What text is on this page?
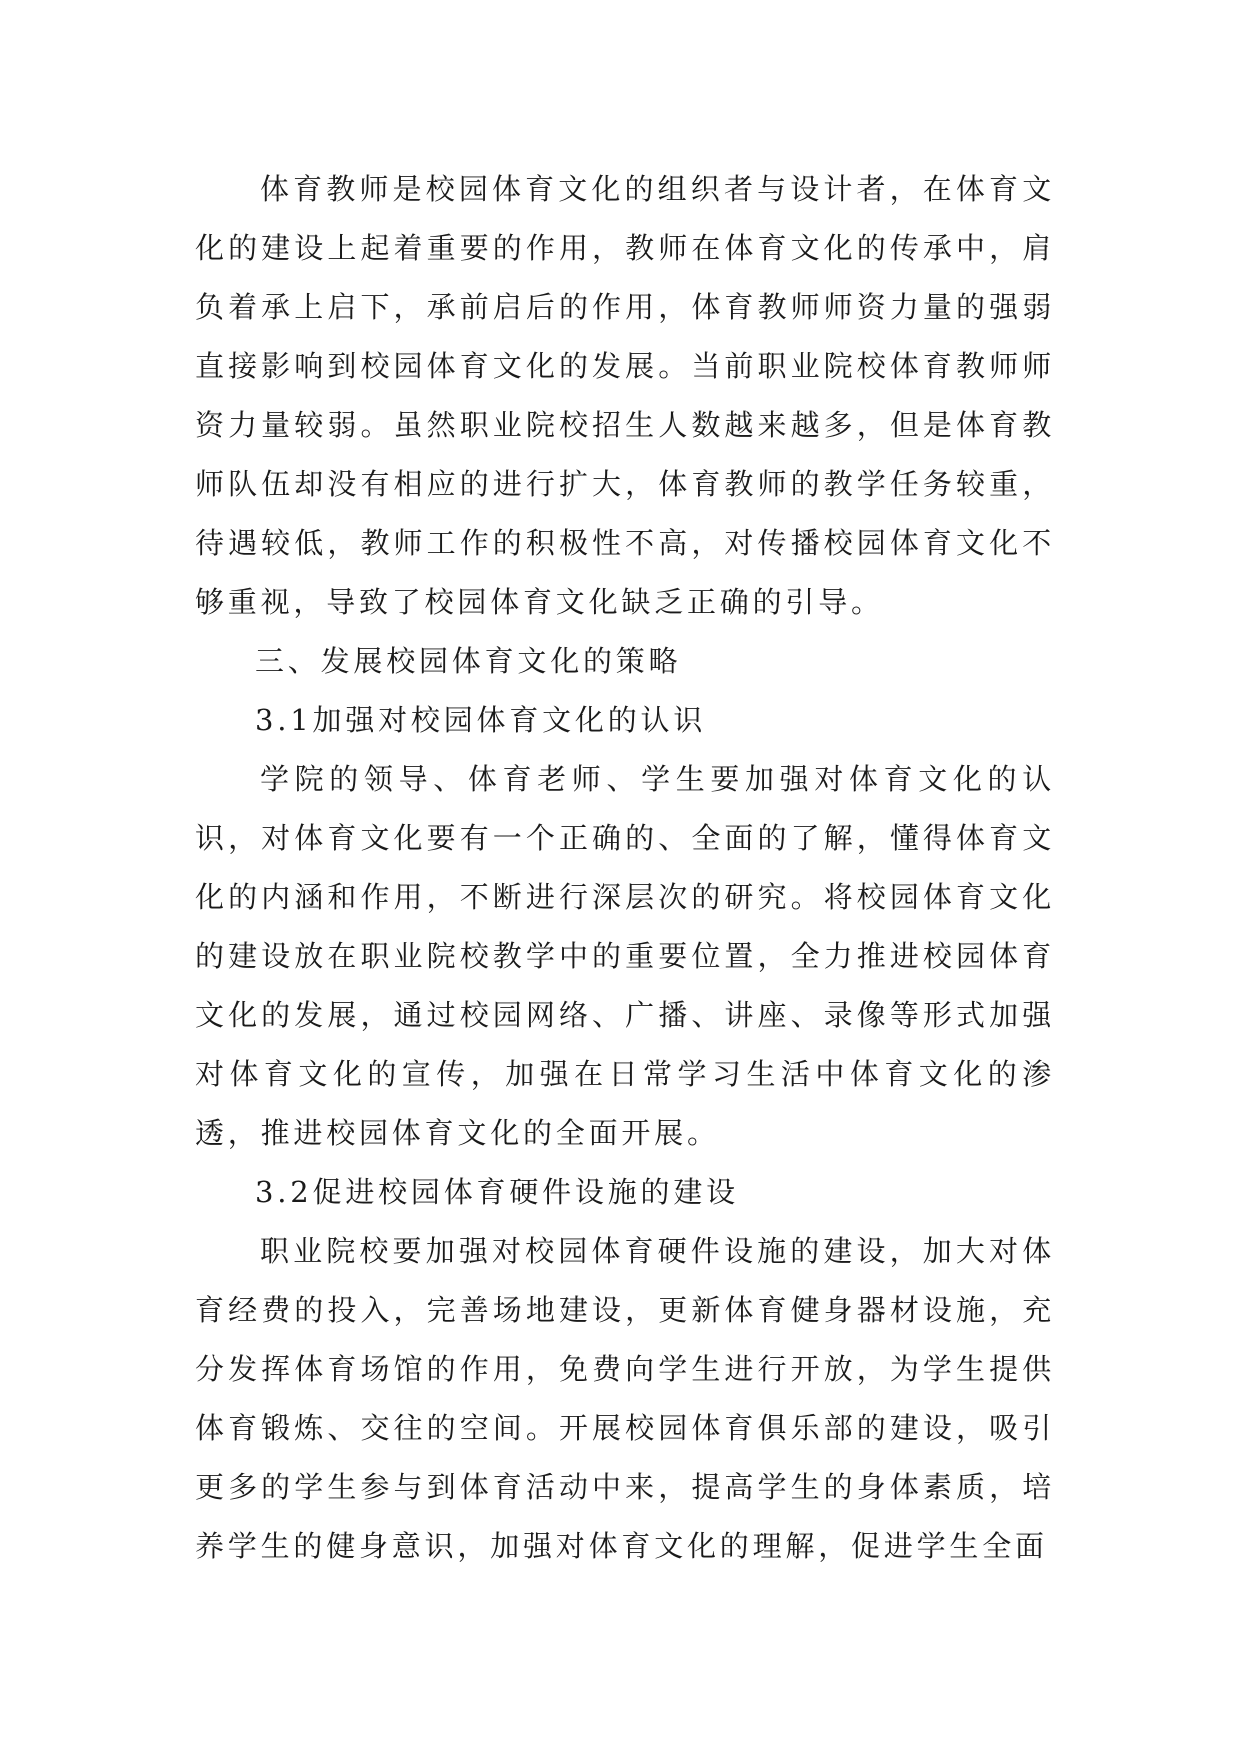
体育教师是校园体育文化的组织者与设计者，在体育文化的建设上起着重要的作用，教师在体育文化的传承中，肩负着承上启下，承前启后的作用，体育教师师资力量的强弱直接影响到校园体育文化的发展。当前职业院校体育教师师资力量较弱。虽然职业院校招生人数越来越多，但是体育教师队伍却没有相应的进行扩大，体育教师的教学任务较重，待遇较低，教师工作的积极性不高，对传播校园体育文化不够重视，导致了校园体育文化缺乏正确的引导。

三、发展校园体育文化的策略

3.1加强对校园体育文化的认识

学院的领导、体育老师、学生要加强对体育文化的认识，对体育文化要有一个正确的、全面的了解，懂得体育文化的内涵和作用，不断进行深层次的研究。将校园体育文化的建设放在职业院校教学中的重要位置，全力推进校园体育文化的发展，通过校园网络、广播、讲座、录像等形式加强对体育文化的宣传，加强在日常学习生活中体育文化的渗透，推进校园体育文化的全面开展。

3.2促进校园体育硬件设施的建设

职业院校要加强对校园体育硬件设施的建设，加大对体育经费的投入，完善场地建设，更新体育健身器材设施，充分发挥体育场馆的作用，免费向学生进行开放，为学生提供体育锻炼、交往的空间。开展校园体育俱乐部的建设，吸引更多的学生参与到体育活动中来，提高学生的身体素质，培养学生的健身意识，加强对体育文化的理解，促进学生全面
